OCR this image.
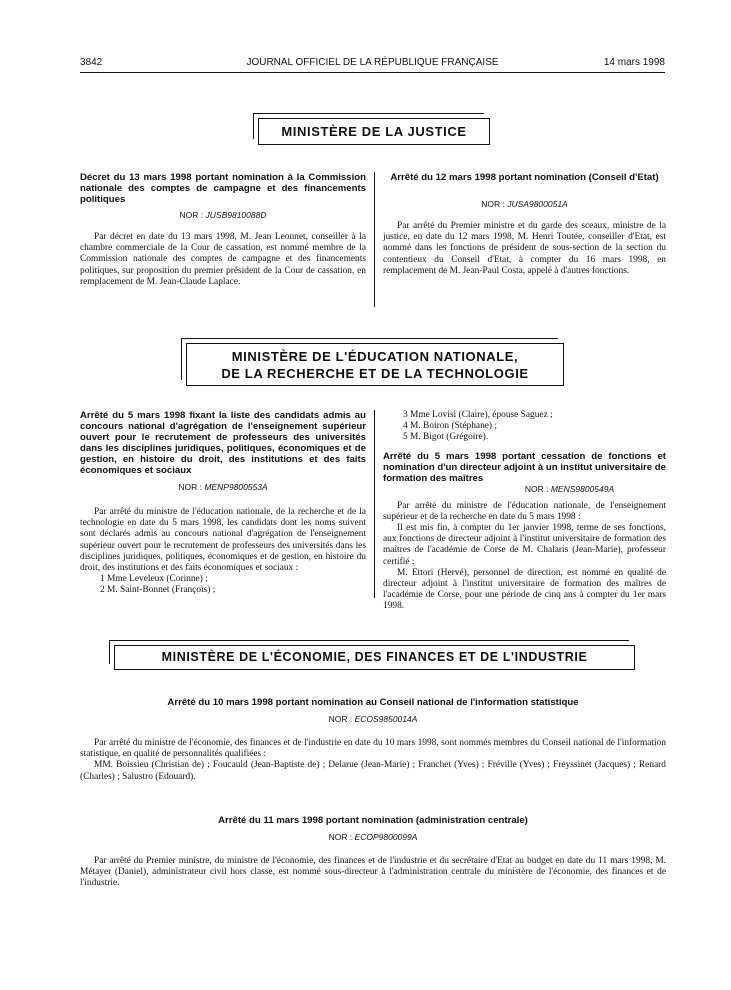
3842	JOURNAL OFFICIEL DE LA RÉPUBLIQUE FRANÇAISE	14 mars 1998
MINISTÈRE DE LA JUSTICE
Décret du 13 mars 1998 portant nomination à la Commission nationale des comptes de campagne et des financements politiques
NOR : JUSB9810088D

Par décret en date du 13 mars 1998, M. Jean Leonnet, conseiller à la chambre commerciale de la Cour de cassation, est nommé membre de la Commission nationale des comptes de campagne et des financements politiques, sur proposition du premier président de la Cour de cassation, en remplacement de M. Jean-Claude Laplace.

Arrêté du 12 mars 1998 portant nomination (Conseil d'Etat)
NOR : JUSA9800051A

Par arrêté du Premier ministre et du garde des sceaux, ministre de la justice, en date du 12 mars 1998, M. Henri Toutée, conseiller d'Etat, est nommé dans les fonctions de président de sous-section de la section du contentieux du Conseil d'Etat, à compter du 16 mars 1998, en remplacement de M. Jean-Paul Costa, appelé à d'autres fonctions.

MINISTÈRE DE L'ÉDUCATION NATIONALE,
DE LA RECHERCHE ET DE LA TECHNOLOGIE
Arrêté du 5 mars 1998 fixant la liste des candidats admis au concours national d'agrégation de l'enseignement supérieur ouvert pour le recrutement de professeurs des universités dans les disciplines juridiques, politiques, économiques et de gestion, en histoire du droit, des institutions et des faits économiques et sociaux
NOR : MENP9800553A

Par arrêté du ministre de l'éducation nationale, de la recherche et de la technologie en date du 5 mars 1998, les candidats dont les noms suivent sont déclarés admis au concours national d'agrégation de l'enseignement supérieur ouvert pour le recrutement de professeurs des universités dans les disciplines juridiques, politiques, économiques et de gestion, en histoire du droit, des institutions et des faits économiques et sociaux :

1 Mme Leveleux (Corinne) ;
2 M. Saint-Bonnet (François) ;
3 Mme Lovisi (Claire), épouse Saguez ;
4 M. Boiron (Stéphane) ;
5 M. Bigot (Grégoire).
Arrêté du 5 mars 1998 portant cessation de fonctions et nomination d'un directeur adjoint à un institut universitaire de formation des maîtres
NOR : MENS9800549A

Par arrêté du ministre de l'éducation nationale, de l'enseignement supérieur et de la recherche en date du 5 mars 1998 :

Il est mis fin, à compter du 1er janvier 1998, terme de ses fonctions, aux fonctions de directeur adjoint à l'institut universitaire de formation des maîtres de l'académie de Corse de M. Chalaris (Jean-Marie), professeur certifié ;

M. Ettori (Hervé), personnel de direction, est nommé en qualité de directeur adjoint à l'institut universitaire de formation des maîtres de l'académie de Corse, pour une période de cinq ans à compter du 1er mars 1998.

MINISTÈRE DE L'ÉCONOMIE, DES FINANCES ET DE L'INDUSTRIE
Arrêté du 10 mars 1998 portant nomination au Conseil national de l'information statistique
NOR : ECOS9850014A

Par arrêté du ministre de l'économie, des finances et de l'industrie en date du 10 mars 1998, sont nommés membres du Conseil national de l'information statistique, en qualité de personnalités qualifiées :

MM. Boissieu (Christian de) ; Foucauld (Jean-Baptiste de) ; Delarue (Jean-Marie) ; Franchet (Yves) ; Fréville (Yves) ; Freyssinet (Jacques) ; Renard (Charles) ; Salustro (Edouard).

Arrêté du 11 mars 1998 portant nomination (administration centrale)
NOR : ECOP9800099A

Par arrêté du Premier ministre, du ministre de l'économie, des finances et de l'industrie et du secrétaire d'Etat au budget en date du 11 mars 1998, M. Métayer (Daniel), administrateur civil hors classe, est nommé sous-directeur à l'administration centrale du ministère de l'économie, des finances et de l'industrie.
